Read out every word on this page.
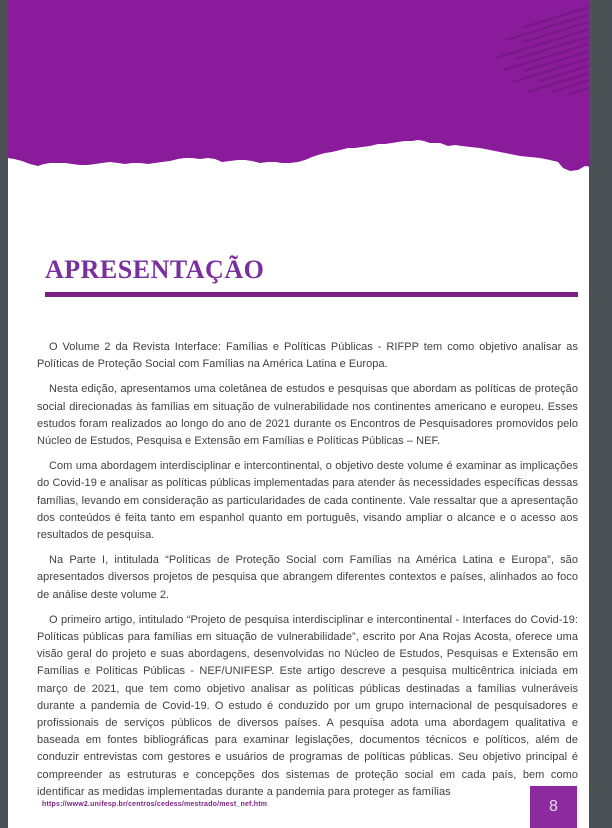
APRESENTAÇÃO

O Volume 2 da Revista Interface: Famílias e Políticas Públicas - RIFPP tem como objetivo analisar as Políticas de Proteção Social com Famílias na América Latina e Europa.

Nesta edição, apresentamos uma coletânea de estudos e pesquisas que abordam as políticas de proteção social direcionadas às famílias em situação de vulnerabilidade nos continentes americano e europeu. Esses estudos foram realizados ao longo do ano de 2021 durante os Encontros de Pesquisadores promovidos pelo Núcleo de Estudos, Pesquisa e Extensão em Famílias e Políticas Públicas – NEF.

Com uma abordagem interdisciplinar e intercontinental, o objetivo deste volume é examinar as implicações do Covid-19 e analisar as políticas públicas implementadas para atender às necessidades específicas dessas famílias, levando em consideração as particularidades de cada continente. Vale ressaltar que a apresentação dos conteúdos é feita tanto em espanhol quanto em português, visando ampliar o alcance e o acesso aos resultados de pesquisa.

Na Parte I, intitulada “Políticas de Proteção Social com Famílias na América Latina e Europa”, são apresentados diversos projetos de pesquisa que abrangem diferentes contextos e países, alinhados ao foco de análise deste volume 2.

O primeiro artigo, intitulado “Projeto de pesquisa interdisciplinar e intercontinental - Interfaces do Covid-19: Políticas públicas para famílias em situação de vulnerabilidade”, escrito por Ana Rojas Acosta, oferece uma visão geral do projeto e suas abordagens, desenvolvidas no Núcleo de Estudos, Pesquisas e Extensão em Famílias e Políticas Públicas - NEF/UNIFESP. Este artigo descreve a pesquisa multicêntrica iniciada em março de 2021, que tem como objetivo analisar as políticas públicas destinadas a famílias vulneráveis durante a pandemia de Covid-19. O estudo é conduzido por um grupo internacional de pesquisadores e profissionais de serviços públicos de diversos países. A pesquisa adota uma abordagem qualitativa e baseada em fontes bibliográficas para examinar legislações, documentos técnicos e políticos, além de conduzir entrevistas com gestores e usuários de programas de políticas públicas. Seu objetivo principal é compreender as estruturas e concepções dos sistemas de proteção social em cada país, bem como identificar as medidas implementadas durante a pandemia para proteger as famílias

https://www2.unifesp.br/centros/cedess/mestrado/mest_nef.htm	8
